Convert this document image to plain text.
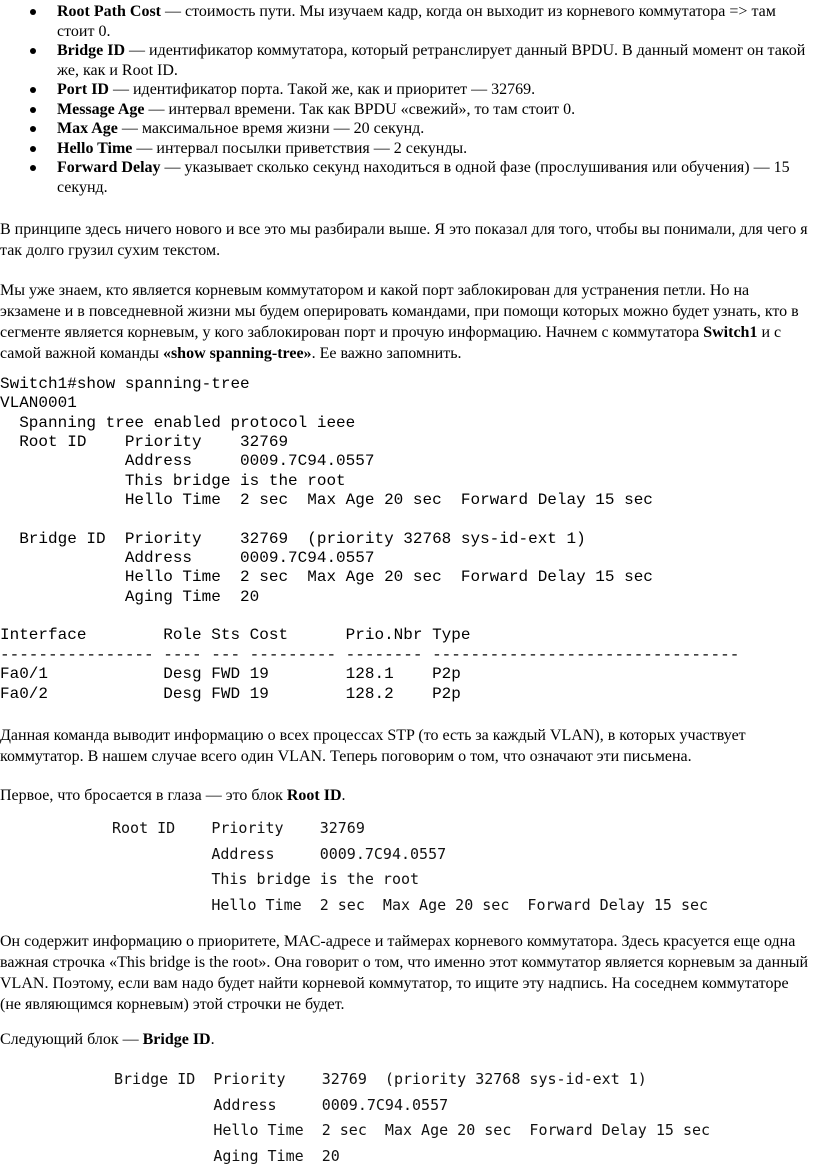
Root Path Cost — стоимость пути. Мы изучаем кадр, когда он выходит из корневого коммутатора => там стоит 0.
Bridge ID — идентификатор коммутатора, который ретранслирует данный BPDU. В данный момент он такой же, как и Root ID.
Port ID — идентификатор порта. Такой же, как и приоритет — 32769.
Message Age — интервал времени. Так как BPDU «свежий», то там стоит 0.
Max Age — максимальное время жизни — 20 секунд.
Hello Time — интервал посылки приветствия — 2 секунды.
Forward Delay — указывает сколько секунд находиться в одной фазе (прослушивания или обучения) — 15 секунд.

В принципе здесь ничего нового и все это мы разбирали выше. Я это показал для того, чтобы вы понимали, для чего я так долго грузил сухим текстом.

Мы уже знаем, кто является корневым коммутатором и какой порт заблокирован для устранения петли. Но на экзамене и в повседневной жизни мы будем оперировать командами, при помощи которых можно будет узнать, кто в сегменте является корневым, у кого заблокирован порт и прочую информацию. Начнем с коммутатора Switch1 и с самой важной команды «show spanning-tree». Ее важно запомнить.

Switch1#show spanning-tree
VLAN0001
Spanning tree enabled protocol ieee
Root ID    Priority    32769
Address     0009.7C94.0557
This bridge is the root
Hello Time  2 sec  Max Age 20 sec  Forward Delay 15 sec

Bridge ID  Priority    32769  (priority 32768 sys-id-ext 1)
Address     0009.7C94.0557
Hello Time  2 sec  Max Age 20 sec  Forward Delay 15 sec
Aging Time  20

Interface        Role Sts Cost      Prio.Nbr Type
---------------- ---- --- --------- -------- --------------------------------
Fa0/1            Desg FWD 19        128.1    P2p
Fa0/2            Desg FWD 19        128.2    P2p

Данная команда выводит информацию о всех процессах STP (то есть за каждый VLAN), в которых участвует коммутатор. В нашем случае всего один VLAN. Теперь поговорим о том, что означают эти письмена.

Первое, что бросается в глаза — это блок Root ID.

Root ID    Priority    32769
Address     0009.7C94.0557
This bridge is the root
Hello Time  2 sec  Max Age 20 sec  Forward Delay 15 sec

Он содержит информацию о приоритете, MAC-адресе и таймерах корневого коммутатора. Здесь красуется еще одна важная строчка «This bridge is the root». Она говорит о том, что именно этот коммутатор является корневым за данный VLAN. Поэтому, если вам надо будет найти корневой коммутатор, то ищите эту надпись. На соседнем коммутаторе (не являющимся корневым) этой строчки не будет.

Следующий блок — Bridge ID.

Bridge ID  Priority    32769  (priority 32768 sys-id-ext 1)
Address     0009.7C94.0557
Hello Time  2 sec  Max Age 20 sec  Forward Delay 15 sec
Aging Time  20
